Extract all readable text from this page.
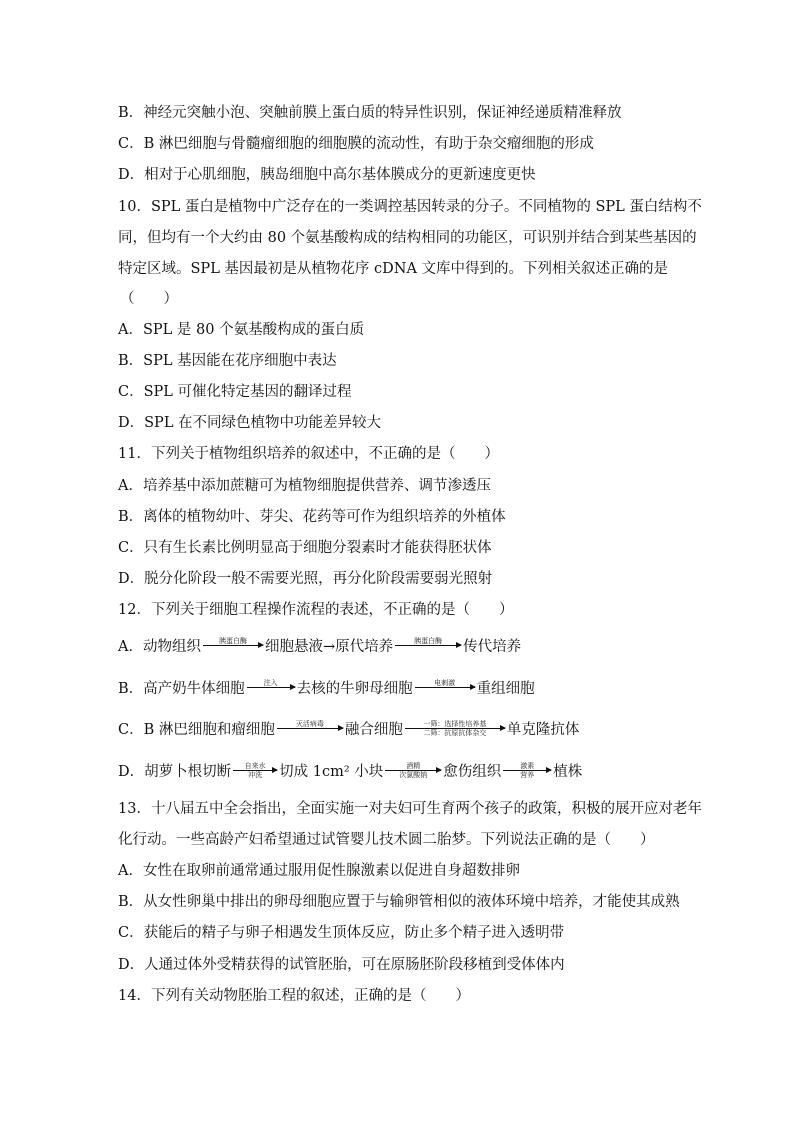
B．神经元突触小泡、突触前膜上蛋白质的特异性识别，保证神经递质精准释放
C．B 淋巴细胞与骨髓瘤细胞的细胞膜的流动性，有助于杂交瘤细胞的形成
D．相对于心肌细胞，胰岛细胞中高尔基体膜成分的更新速度更快
10．SPL 蛋白是植物中广泛存在的一类调控基因转录的分子。不同植物的 SPL 蛋白结构不
同，但均有一个大约由 80 个氨基酸构成的结构相同的功能区，可识别并结合到某些基因的
特定区域。SPL 基因最初是从植物花序 cDNA 文库中得到的。下列相关叙述正确的是
（　　）
A．SPL 是 80 个氨基酸构成的蛋白质
B．SPL 基因能在花序细胞中表达
C．SPL 可催化特定基因的翻译过程
D．SPL 在不同绿色植物中功能差异较大
11．下列关于植物组织培养的叙述中，不正确的是（　　）
A．培养基中添加蔗糖可为植物细胞提供营养、调节渗透压
B．离体的植物幼叶、芽尖、花药等可作为组织培养的外植体
C．只有生长素比例明显高于细胞分裂素时才能获得胚状体
D．脱分化阶段一般不需要光照，再分化阶段需要弱光照射
12．下列关于细胞工程操作流程的表述，不正确的是（　　）
A．动物组织	胰蛋白酶
细胞悬液→原代培养	胰蛋白酶
传代培养
B．高产奶牛体细胞	注入
去核的牛卵母细胞	电刺激
重组细胞
C．B 淋巴细胞和瘤细胞	灭活病毒
融合细胞	一筛：选择性培养基
二筛：抗原抗体杂交 单克隆抗体
D．胡萝卜根切断 自来水
冲洗 切成 1cm² 小块	酒精
次氯酸钠 愈伤组织	激素
营养 植株
13．十八届五中全会指出，全面实施一对夫妇可生育两个孩子的政策，积极的展开应对老年
化行动。一些高龄产妇希望通过试管婴儿技术圆二胎梦。下列说法正确的是（　　）
A．女性在取卵前通常通过服用促性腺激素以促进自身超数排卵
B．从女性卵巢中排出的卵母细胞应置于与输卵管相似的液体环境中培养，才能使其成熟
C．获能后的精子与卵子相遇发生顶体反应，防止多个精子进入透明带
D．人通过体外受精获得的试管胚胎，可在原肠胚阶段移植到受体体内
14．下列有关动物胚胎工程的叙述，正确的是（　　）
